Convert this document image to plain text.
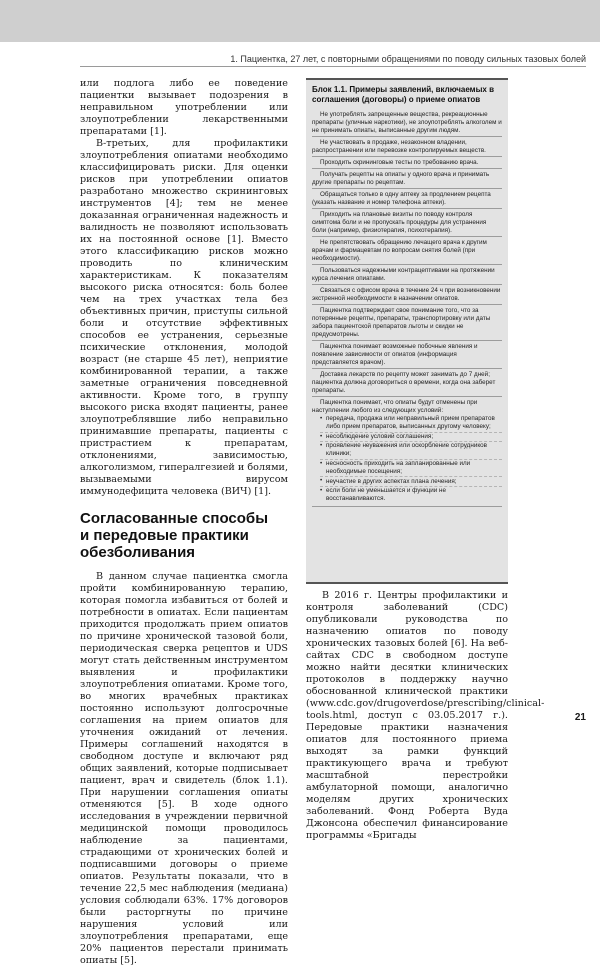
1. Пациентка, 27 лет, с повторными обращениями по поводу сильных тазовых болей

или подлога либо ее поведение пациентки вызывает подозрения в неправильном употреблении или злоупотреблении лекарственными препаратами [1].

В-третьих, для профилактики злоупотребления опиатами необходимо классифицировать риски. Для оценки рисков при употреблении опиатов разработано множество скрининговых инструментов [4]; тем не менее доказанная ограниченная надежность и валидность не позволяют использовать их на постоянной основе [1]. Вместо этого классификацию рисков можно проводить по клиническим характеристикам. К показателям высокого риска относятся: боль более чем на трех участках тела без объективных причин, приступы сильной боли и отсутствие эффективных способов ее устранения, серьезные психические отклонения, молодой возраст (не старше 45 лет), неприятие комбинированной терапии, а также заметные ограничения повседневной активности. Кроме того, в группу высокого риска входят пациенты, ранее злоупотреблявшие либо неправильно принимавшие препараты, пациенты с пристрастием к препаратам, отклонениями, зависимостью, алкоголизмом, гипералгезией и болями, вызываемыми вирусом иммунодефицита человека (ВИЧ) [1].

Согласованные способы
и передовые практики
обезболивания

В данном случае пациентка смогла пройти комбинированную терапию, которая помогла избавиться от болей и потребности в опиатах. Если пациентам приходится продолжать прием опиатов по причине хронической тазовой боли, периодическая сверка рецептов и UDS могут стать действенным инструментом выявления и профилактики злоупотребления опиатами. Кроме того, во многих врачебных практиках постоянно используют долгосрочные соглашения на прием опиатов для уточнения ожиданий от лечения. Примеры соглашений находятся в свободном доступе и включают ряд общих заявлений, которые подписывает пациент, врач и свидетель (блок 1.1). При нарушении соглашения опиаты отменяются [5]. В ходе одного исследования в учреждении первичной медицинской помощи проводилось наблюдение за пациентами, страдающими от хронических болей и подписавшими договоры о приеме опиатов. Результаты показали, что в течение 22,5 мес наблюдения (медиана) условия соблюдали 63%. 17% договоров были расторгнуты по причине нарушения условий или злоупотребления препаратами, еще 20% пациентов перестали принимать опиаты [5].

Блок 1.1. Примеры заявлений, включаемых в соглашения (договоры) о приеме опиатов

Не употреблять запрещенные вещества, рекреационные препараты (уличные наркотики), не злоупотреблять алкоголем и не принимать опиаты, выписанные другим людям.

Не участвовать в продаже, незаконном владении, распространении или перевозке контролируемых веществ.

Проходить скрининговые тесты по требованию врача.

Получать рецепты на опиаты у одного врача и принимать другие препараты по рецептам.

Обращаться только в одну аптеку за продлением рецепта (указать название и номер телефона аптеки).

Приходить на плановые визиты по поводу контроля симптома боли и не пропускать процедуры для устранения боли (например, физиотерапия, психотерапия).

Не препятствовать обращению лечащего врача к другим врачам и фармацевтам по вопросам снятия болей (при необходимости).

Пользоваться надежными контрацептивами на протяжении курса лечения опиатами.

Связаться с офисом врача в течение 24 ч при возникновении экстренной необходимости в назначении опиатов.

Пациентка подтверждает свое понимание того, что за потерянные рецепты, препараты, транспортировку или даты забора пациентской препаратов льготы и скидки не предусмотрены.

Пациентка понимает возможные побочные явления и появление зависимости от опиатов (информация представляется врачом).

Доставка лекарств по рецепту может занимать до 7 дней; пациентка должна договориться о времени, когда она заберет препараты.

Пациентка понимает, что опиаты будут отменены при наступлении любого из следующих условий:

• передача, продажа или неправильный прием препаратов либо прием препаратов, выписанных другому человеку;
• несоблюдение условий соглашения;
• проявление неуважения или оскорбление сотрудников клиники;
• несносность приходить на запланированные или необходимые посещения;
• неучастие в других аспектах плана лечения;
• если боли не уменьшается и функции не восстанавливаются.

В 2016 г. Центры профилактики и контроля заболеваний (CDC) опубликовали руководства по назначению опиатов по поводу хронических тазовых болей [6]. На веб-сайтах CDC в свободном доступе можно найти десятки клинических протоколов в поддержку научно обоснованной клинической практики (www.cdc.gov/drugoverdose/prescribing/clinical-tools.html, доступ с 03.05.2017 г.). Передовые практики назначения опиатов для постоянного приема выходят за рамки функций практикующего врача и требуют масштабной перестройки амбулаторной помощи, аналогично моделям других хронических заболеваний. Фонд Роберта Вуда Джонсона обеспечил финансирование программы «Бригады

21
